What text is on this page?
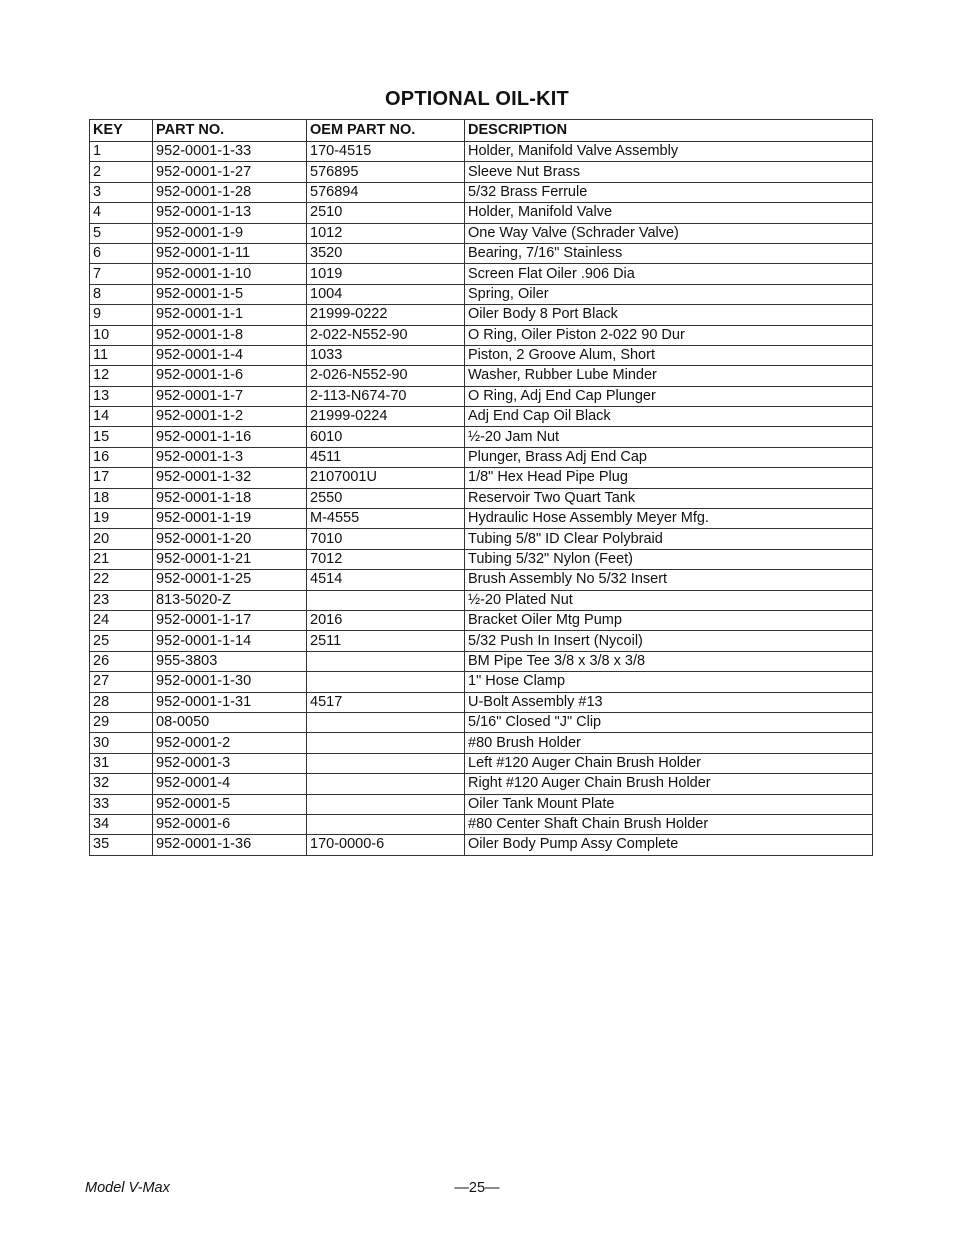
OPTIONAL OIL-KIT
KEY	PART NO.	OEM PART NO.	DESCRIPTION
1	952-0001-1-33	170-4515	Holder, Manifold Valve Assembly
2	952-0001-1-27	576895	Sleeve Nut Brass
3	952-0001-1-28	576894	5/32 Brass Ferrule
4	952-0001-1-13	2510	Holder, Manifold Valve
5	952-0001-1-9	1012	One Way Valve (Schrader Valve)
6	952-0001-1-11	3520	Bearing, 7/16" Stainless
7	952-0001-1-10	1019	Screen Flat Oiler .906 Dia
8	952-0001-1-5	1004	Spring, Oiler
9	952-0001-1-1	21999-0222	Oiler Body 8 Port Black
10	952-0001-1-8	2-022-N552-90	O Ring, Oiler Piston 2-022 90 Dur
11	952-0001-1-4	1033	Piston, 2 Groove Alum, Short
12	952-0001-1-6	2-026-N552-90	Washer, Rubber Lube Minder
13	952-0001-1-7	2-113-N674-70	O Ring, Adj End Cap Plunger
14	952-0001-1-2	21999-0224	Adj End Cap Oil Black
15	952-0001-1-16	6010	½-20 Jam Nut
16	952-0001-1-3	4511	Plunger, Brass Adj End Cap
17	952-0001-1-32	2107001U	1/8" Hex Head Pipe Plug
18	952-0001-1-18	2550	Reservoir Two Quart Tank
19	952-0001-1-19	M-4555	Hydraulic Hose Assembly Meyer Mfg.
20	952-0001-1-20	7010	Tubing 5/8" ID Clear Polybraid
21	952-0001-1-21	7012	Tubing 5/32" Nylon (Feet)
22	952-0001-1-25	4514	Brush Assembly No 5/32 Insert
23	813-5020-Z		½-20 Plated Nut
24	952-0001-1-17	2016	Bracket Oiler Mtg Pump
25	952-0001-1-14	2511	5/32 Push In Insert (Nycoil)
26	955-3803		BM Pipe Tee 3/8 x 3/8 x 3/8
27	952-0001-1-30		1" Hose Clamp
28	952-0001-1-31	4517	U-Bolt Assembly #13
29	08-0050		5/16" Closed "J" Clip
30	952-0001-2		#80 Brush Holder
31	952-0001-3		Left #120 Auger Chain Brush Holder
32	952-0001-4		Right #120 Auger Chain Brush Holder
33	952-0001-5		Oiler Tank Mount Plate
34	952-0001-6		#80 Center Shaft Chain Brush Holder
35	952-0001-1-36	170-0000-6	Oiler Body Pump Assy Complete
Model V-Max	—25—
